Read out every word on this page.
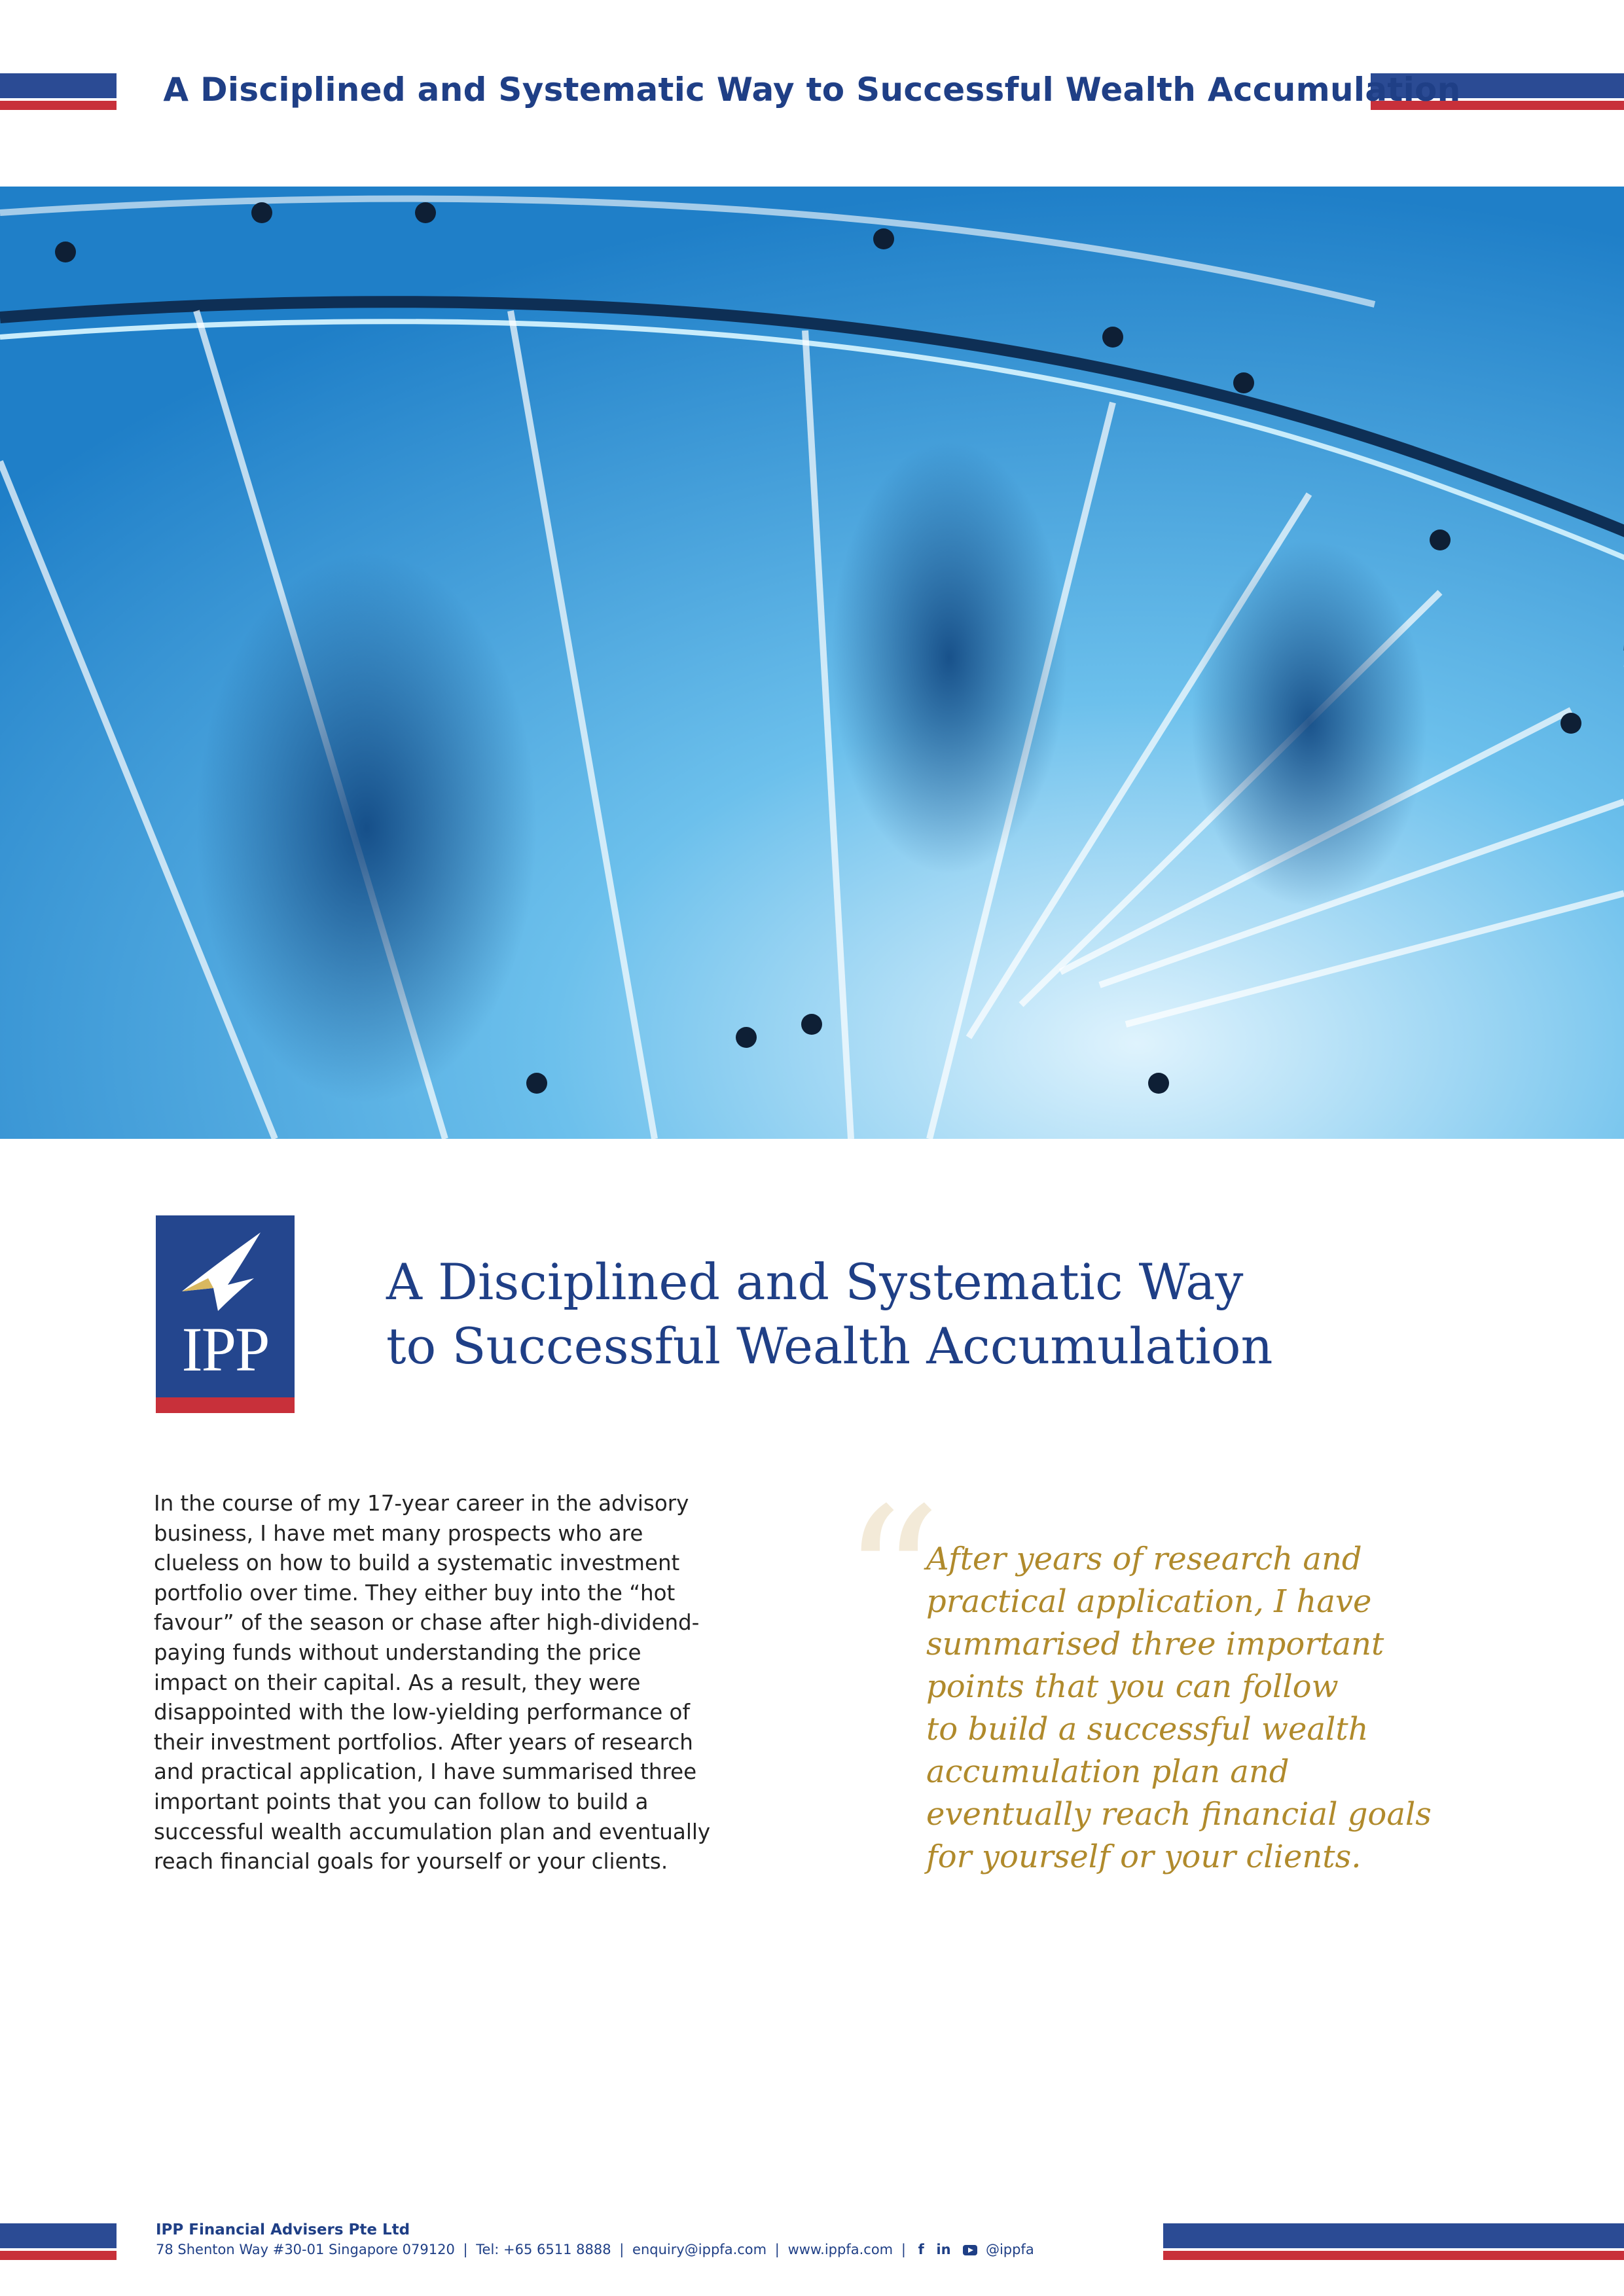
A Disciplined and Systematic Way to Successful Wealth Accumulation
IPP
A Disciplined and Systematic Way
to Successful Wealth Accumulation
In the course of my 17-year career in the advisory
business, I have met many prospects who are
clueless on how to build a systematic investment
portfolio over time. They either buy into the “hot
favour” of the season or chase after high-dividend-
paying funds without understanding the price
impact on their capital. As a result, they were
disappointed with the low-yielding performance of
their investment portfolios. After years of research
and practical application, I have summarised three
important points that you can follow to build a
successful wealth accumulation plan and eventually
reach financial goals for yourself or your clients.
“
After years of research and
practical application, I have
summarised three important
points that you can follow
to build a successful wealth
accumulation plan and
eventually reach financial goals
for yourself or your clients.
IPP Financial Advisers Pte Ltd
78 Shenton Way #30-01 Singapore 079120 | Tel: +65 6511 8888 | enquiry@ippfa.com | www.ippfa.com | f in	@ippfa
